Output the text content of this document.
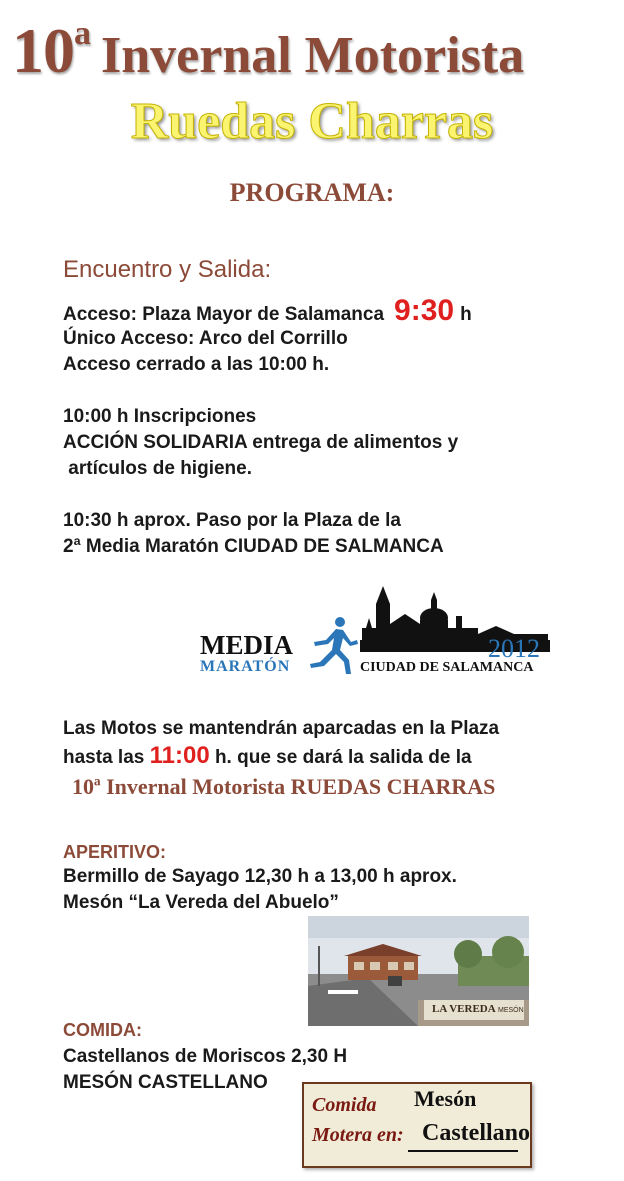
10a Invernal Motorista
Ruedas Charras
PROGRAMA:
Encuentro y Salida:
Acceso: Plaza Mayor de Salamanca 9:30 h
Único Acceso: Arco del Corrillo
Acceso cerrado a las 10:00 h.
10:00 h Inscripciones
ACCIÓN SOLIDARIA entrega de alimentos y
artículos de higiene.
10:30 h aprox. Paso por la Plaza de la
2ª Media Maratón CIUDAD DE SALMANCA
MEDIA
MARATÓN
2012
CIUDAD DE SALAMANCA
Las Motos se mantendrán aparcadas en la Plaza
hasta las 11:00 h. que se dará la salida de la
10ª Invernal Motorista RUEDAS CHARRAS
APERITIVO:
Bermillo de Sayago 12,30 h a 13,00 h aprox.
Mesón “La Vereda del Abuelo”
LA VEREDA MESÓN
COMIDA:
Castellanos de Moriscos 2,30 H
MESÓN CASTELLANO
Comida
Motera en:
Mesón
Castellano
